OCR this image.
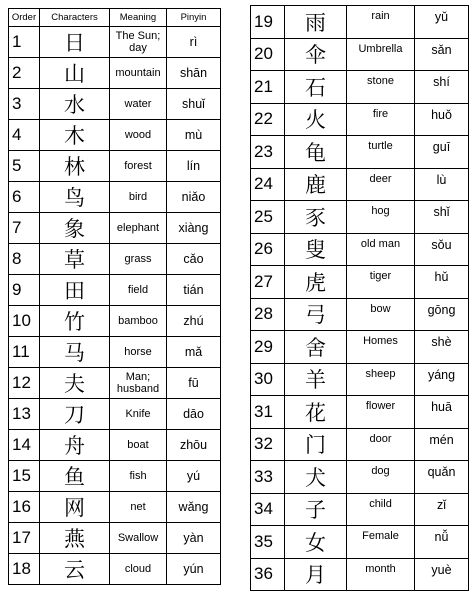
Order	Characters	Meaning	Pinyin
1	日	The Sun; day	rì
2	山	mountain	shān
3	水	water	shuǐ
4	木	wood	mù
5	林	forest	lín
6	鸟	bird	niǎo
7	象	elephant	xiàng
8	草	grass	cǎo
9	田	field	tián
10	竹	bamboo	zhú
11	马	horse	mǎ
12	夫	Man; husband	fū
13	刀	Knife	dāo
14	舟	boat	zhōu
15	鱼	fish	yú
16	网	net	wǎng
17	燕	Swallow	yàn
18	云	cloud	yún
19	雨	rain	yǔ
20	伞	Umbrella	sǎn
21	石	stone	shí
22	火	fire	huǒ
23	龟	turtle	guī
24	鹿	deer	lù
25	豕	hog	shǐ
26	叟	old man	sǒu
27	虎	tiger	hǔ
28	弓	bow	gōng
29	舍	Homes	shè
30	羊	sheep	yáng
31	花	flower	huā
32	门	door	mén
33	犬	dog	quǎn
34	子	child	zǐ
35	女	Female	nǚ
36	月	month	yuè
